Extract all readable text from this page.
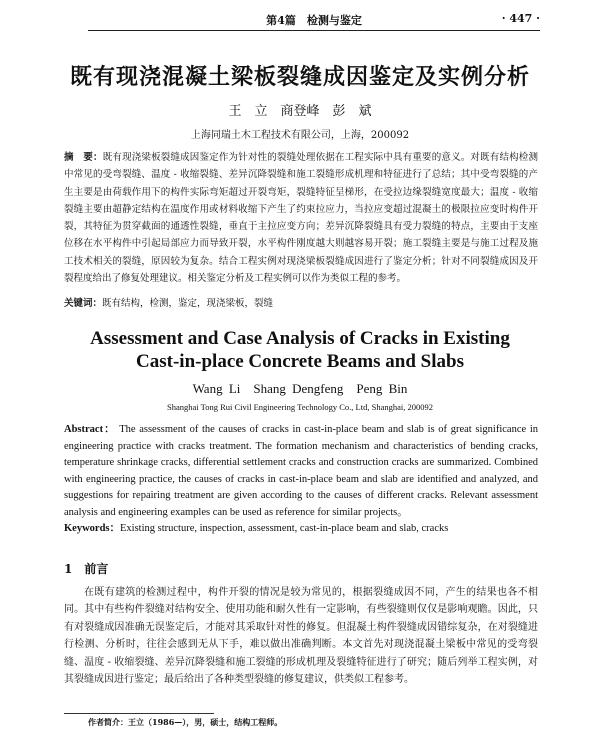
第4篇　检测与鉴定	· 447 ·
既有现浇混凝土梁板裂缝成因鉴定及实例分析
王　立　商登峰　彭　斌
上海同瑞土木工程技术有限公司，上海，200092
摘　要：既有现浇梁板裂缝成因鉴定作为针对性的裂缝处理依据在工程实际中具有重要的意义。对既有结构检测中常见的受弯裂缝、温度 - 收缩裂缝、差异沉降裂缝和施工裂缝形成机理和特征进行了总结；其中受弯裂缝的产生主要是由荷载作用下的构件实际弯矩超过开裂弯矩，裂缝特征呈梯形，在受拉边缘裂缝宽度最大；温度 - 收缩裂缝主要由超静定结构在温度作用或材料收缩下产生了约束拉应力，当拉应变超过混凝土的极限拉应变时构件开裂，其特征为贯穿截面的通透性裂缝，垂直于主拉应变方向；差异沉降裂缝具有受力裂缝的特点，主要由于支座位移在水平构件中引起局部应力而导致开裂，水平构件刚度越大则越容易开裂；施工裂缝主要是与施工过程及施工技术相关的裂缝，原因较为复杂。结合工程实例对现浇梁板裂缝成因进行了鉴定分析；针对不同裂缝成因及开裂程度给出了修复处理建议。相关鉴定分析及工程实例可以作为类似工程的参考。
关键词：既有结构，检测，鉴定，现浇梁板，裂缝
Assessment and Case Analysis of Cracks in Existing
Cast-in-place Concrete Beams and Slabs
Wang Li　Shang Dengfeng　Peng Bin
Shanghai Tong Rui Civil Engineering Technology Co., Ltd, Shanghai, 200092
Abstract： The assessment of the causes of cracks in cast-in-place beam and slab is of great significance in engineering practice with cracks treatment. The formation mechanism and characteristics of bending cracks, temperature shrinkage cracks, differential settlement cracks and construction cracks are summarized. Combined with engineering practice, the causes of cracks in cast-in-place beam and slab are identified and analyzed, and suggestions for repairing treatment are given according to the causes of different cracks. Relevant assessment analysis and engineering examples can be used as reference for similar projects。
Keywords：Existing structure, inspection, assessment, cast-in-place beam and slab, cracks
1 前言
在既有建筑的检测过程中，构件开裂的情况是较为常见的，根据裂缝成因不同，产生的结果也各不相同。其中有些构件裂缝对结构安全、使用功能和耐久性有一定影响，有些裂缝则仅仅是影响观瞻。因此，只有对裂缝成因准确无误鉴定后，才能对其采取针对性的修复。但混凝土构件裂缝成因错综复杂，在对裂缝进行检测、分析时，往往会感到无从下手，难以做出准确判断。本文首先对现浇混凝土梁板中常见的受弯裂缝、温度 - 收缩裂缝、差异沉降裂缝和施工裂缝的形成机理及裂缝特征进行了研究；随后列举工程实例，对其裂缝成因进行鉴定；最后给出了各种类型裂缝的修复建议，供类似工程参考。
作者简介：王立（1986—），男，硕士，结构工程师。
